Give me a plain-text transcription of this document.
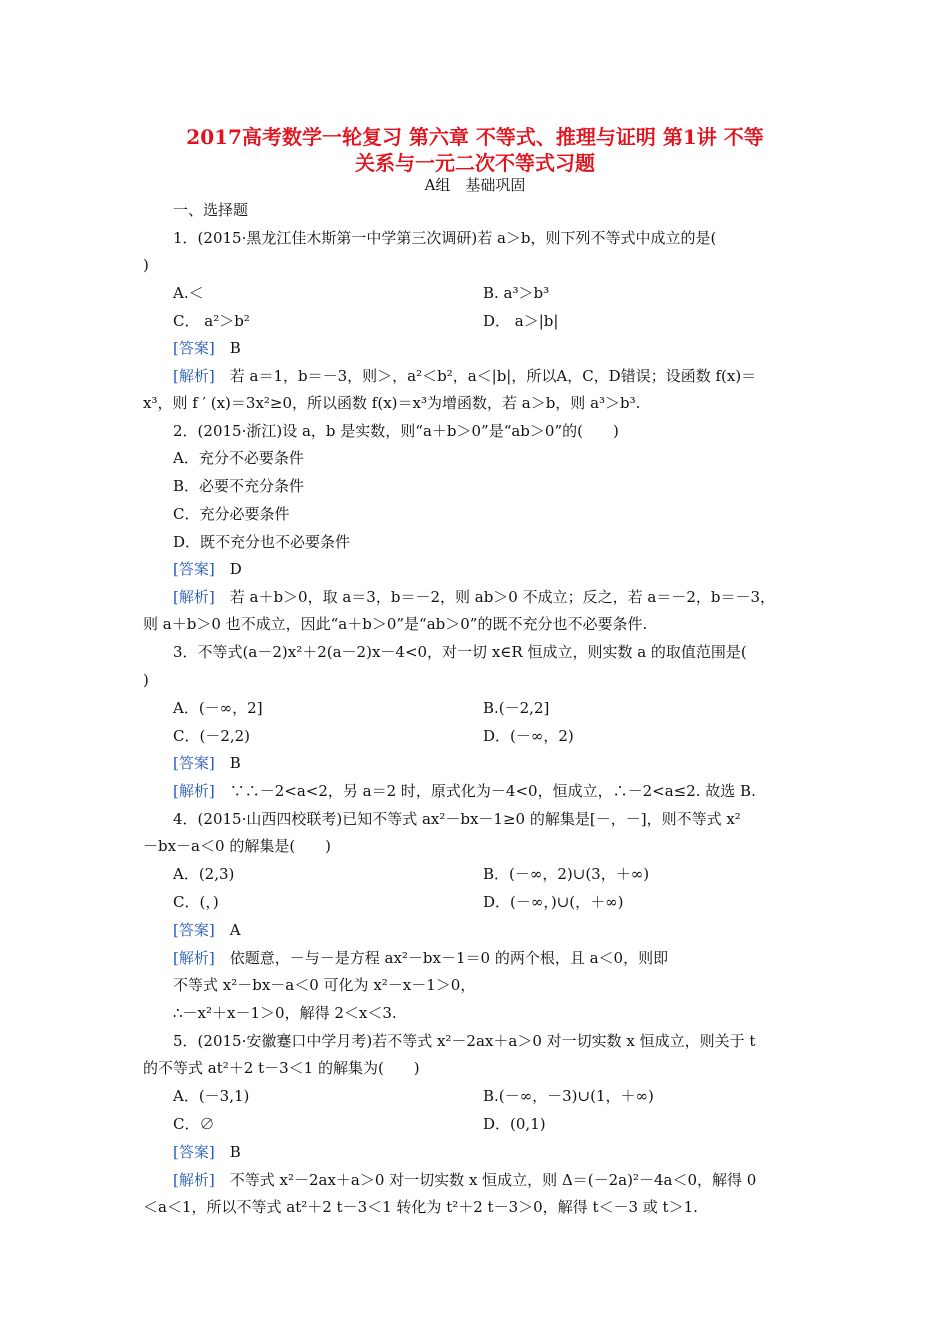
2017高考数学一轮复习 第六章 不等式、推理与证明 第1讲 不等
关系与一元二次不等式习题
A组　基础巩固
一、选择题
1．(2015·黑龙江佳木斯第一中学第三次调研)若 a＞b，则下列不等式中成立的是(
)
A.＜	B. a³＞b³
C． a²＞b²	D． a＞|b|
[答案]　 B
[解析]　 若 a＝1，b＝－3，则＞，a²＜b²，a＜|b|，所以A，C，D错误；设函数 f(x)＝
x³，则 f ′ (x)＝3x²≥0，所以函数 f(x)＝x³为增函数，若 a＞b，则 a³＞b³.
2．(2015·浙江)设 a，b 是实数，则“a＋b＞0”是“ab＞0”的(　　)
A．充分不必要条件
B．必要不充分条件
C．充分必要条件
D．既不充分也不必要条件
[答案]　 D
[解析]　 若 a＋b＞0，取 a＝3，b＝－2，则 ab＞0 不成立；反之，若 a＝－2，b＝－3，
则 a＋b＞0 也不成立，因此“a＋b＞0”是“ab＞0”的既不充分也不必要条件.
3．不等式(a－2)x²＋2(a－2)x－4<0，对一切 x∈R 恒成立，则实数 a 的取值范围是(
)
A．(－∞，2]	B.(－2,2]
C．(－2,2)	D．(－∞，2)
[答案]　 B
[解析]　 ∵∴－2<a<2，另 a＝2 时，原式化为－4<0，恒成立，∴－2<a≤2. 故选 B.
4．(2015·山西四校联考)已知不等式 ax²－bx－1≥0 的解集是[－，－]，则不等式 x²
－bx－a＜0 的解集是(　　)
A．(2,3)	B．(－∞，2)∪(3，＋∞)
C．(，)	D．(－∞，)∪(，＋∞)
[答案]　 A
[解析]　 依题意，－与－是方程 ax²－bx－1＝0 的两个根，且 a＜0，则即
不等式 x²－bx－a＜0 可化为 x²－x－1＞0，
∴－x²＋x－1＞0，解得 2＜x＜3.
5．(2015·安徽蹇口中学月考)若不等式 x²－2ax＋a＞0 对一切实数 x 恒成立，则关于 t
的不等式 at²＋2 t－3＜1 的解集为(　　)
A．(－3,1)	B.(－∞，－3)∪(1，＋∞)
C．∅	D．(0,1)
[答案]　 B
[解析]　 不等式 x²－2ax＋a＞0 对一切实数 x 恒成立，则 Δ＝(－2a)²－4a＜0，解得 0
＜a＜1，所以不等式 at²＋2 t－3＜1 转化为 t²＋2 t－3＞0，解得 t＜－3 或 t＞1.
